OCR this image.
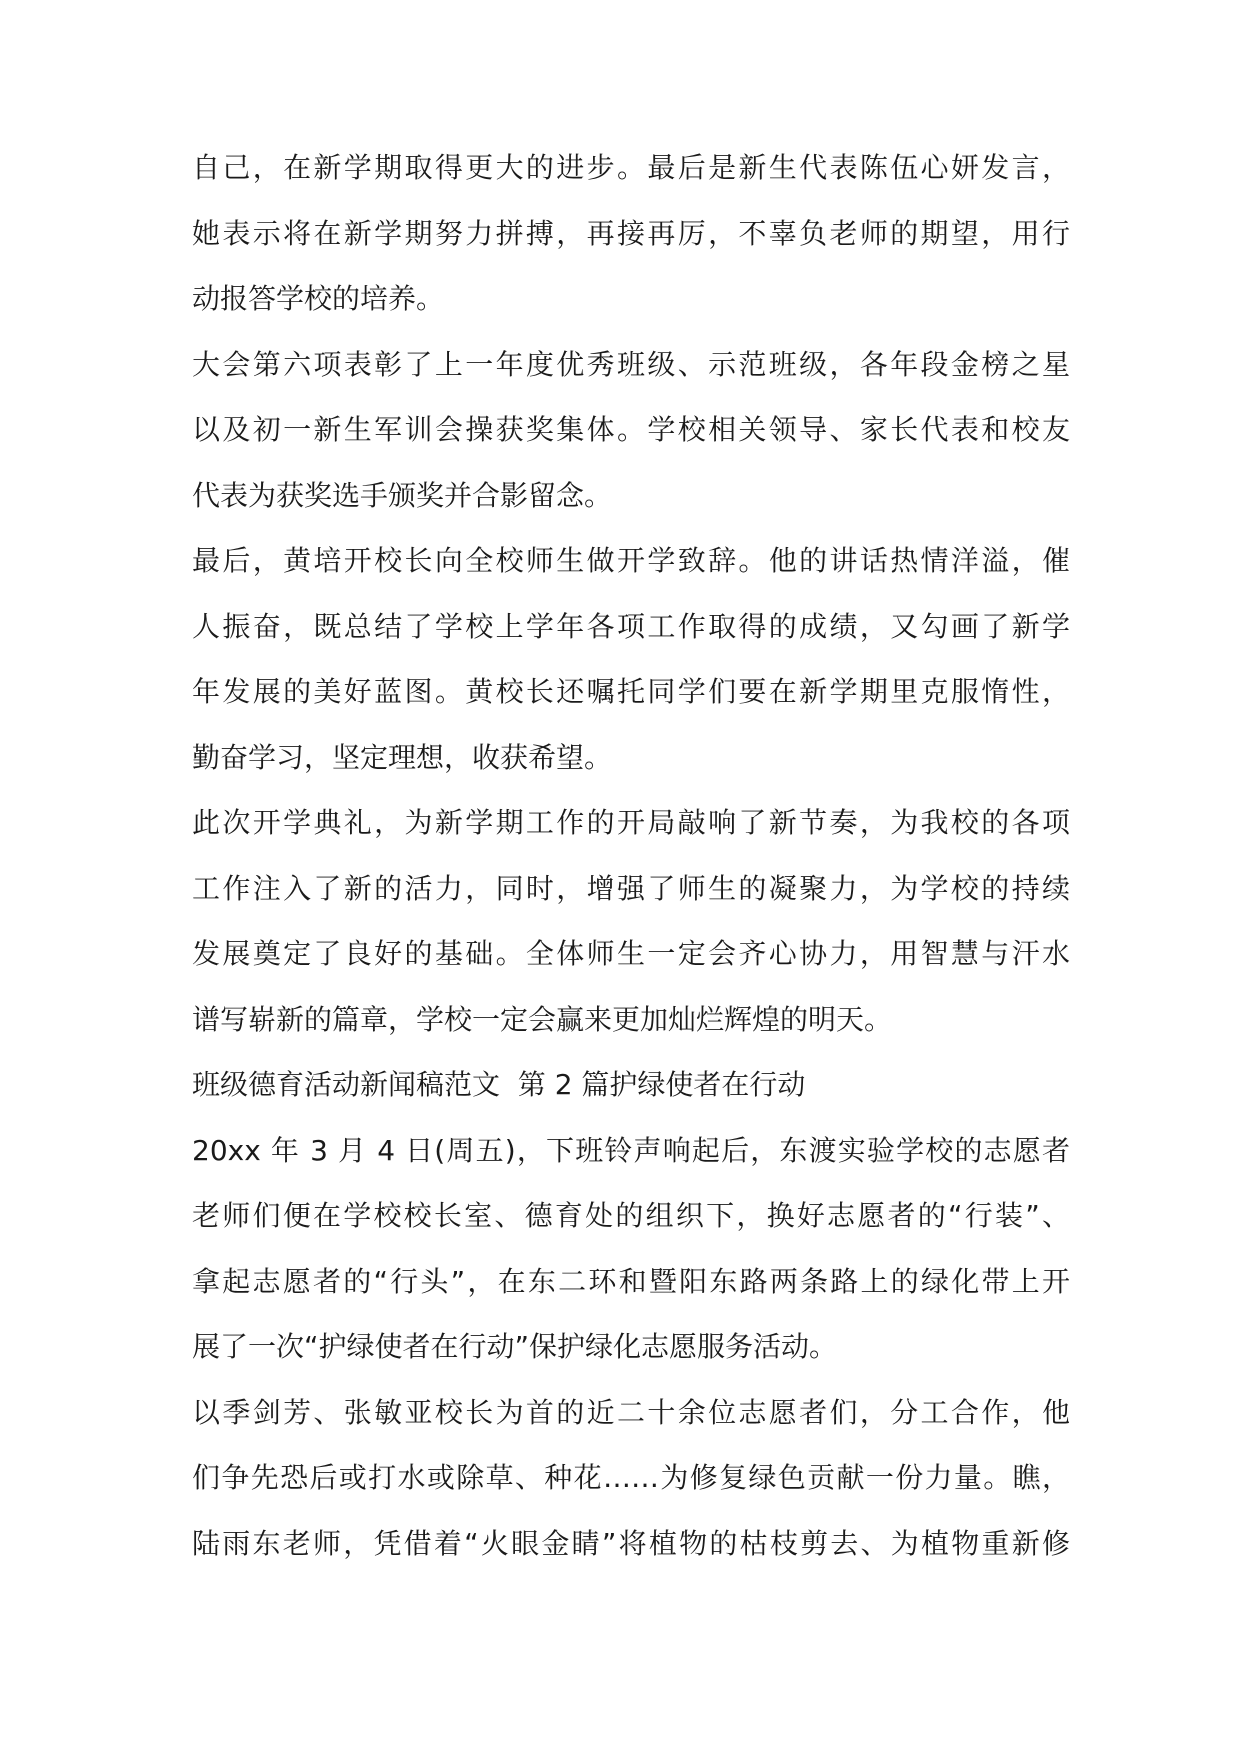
自己，在新学期取得更大的进步。最后是新生代表陈伍心妍发言，
她表示将在新学期努力拼搏，再接再厉，不辜负老师的期望，用行
动报答学校的培养。
大会第六项表彰了上一年度优秀班级、示范班级，各年段金榜之星
以及初一新生军训会操获奖集体。学校相关领导、家长代表和校友
代表为获奖选手颁奖并合影留念。
最后，黄培开校长向全校师生做开学致辞。他的讲话热情洋溢，催
人振奋，既总结了学校上学年各项工作取得的成绩，又勾画了新学
年发展的美好蓝图。黄校长还嘱托同学们要在新学期里克服惰性，
勤奋学习，坚定理想，收获希望。
此次开学典礼，为新学期工作的开局敲响了新节奏，为我校的各项
工作注入了新的活力，同时，增强了师生的凝聚力，为学校的持续
发展奠定了良好的基础。全体师生一定会齐心协力，用智慧与汗水
谱写崭新的篇章，学校一定会赢来更加灿烂辉煌的明天。
班级德育活动新闻稿范文  第 2 篇护绿使者在行动
20xx 年 3 月 4 日(周五)，下班铃声响起后，东渡实验学校的志愿者
老师们便在学校校长室、德育处的组织下，换好志愿者的“行装”、
拿起志愿者的“行头”，在东二环和暨阳东路两条路上的绿化带上开
展了一次“护绿使者在行动”保护绿化志愿服务活动。
以季剑芳、张敏亚校长为首的近二十余位志愿者们，分工合作，他
们争先恐后或打水或除草、种花……为修复绿色贡献一份力量。瞧，
陆雨东老师，凭借着“火眼金睛”将植物的枯枝剪去、为植物重新修
